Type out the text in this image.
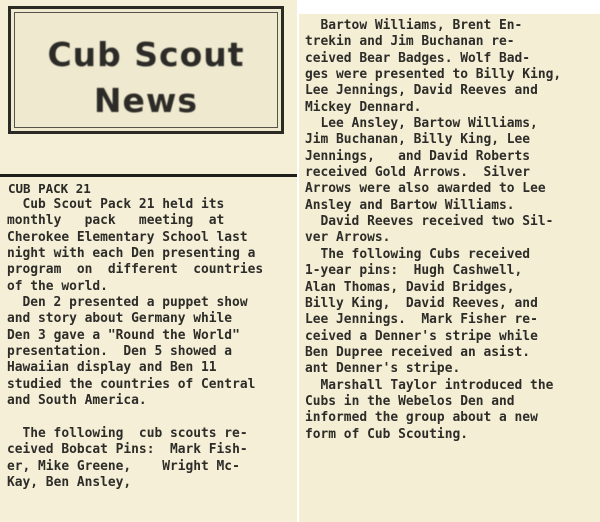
Cub Scout
News
CUB PACK 21
Cub Scout Pack 21 held its
monthly   pack   meeting  at
Cherokee Elementary School last
night with each Den presenting a
program  on  different  countries
of the world.
Den 2 presented a puppet show
and story about Germany while
Den 3 gave a "Round the World"
presentation.  Den 5 showed a
Hawaiian display and Ben 11
studied the countries of Central
and South America.

The following  cub scouts re-
ceived Bobcat Pins:  Mark Fish-
er, Mike Greene,    Wright Mc-
Kay, Ben Ansley,
Bartow Williams, Brent En-
trekin and Jim Buchanan re-
ceived Bear Badges. Wolf Bad-
ges were presented to Billy King,
Lee Jennings, David Reeves and
Mickey Dennard.
Lee Ansley, Bartow Williams,
Jim Buchanan, Billy King, Lee
Jennings,   and David Roberts
received Gold Arrows.  Silver
Arrows were also awarded to Lee
Ansley and Bartow Williams.
David Reeves received two Sil-
ver Arrows.
The following Cubs received
1-year pins:  Hugh Cashwell,
Alan Thomas, David Bridges,
Billy King,  David Reeves, and
Lee Jennings.  Mark Fisher re-
ceived a Denner's stripe while
Ben Dupree received an asist.
ant Denner's stripe.
Marshall Taylor introduced the
Cubs in the Webelos Den and
informed the group about a new
form of Cub Scouting.
